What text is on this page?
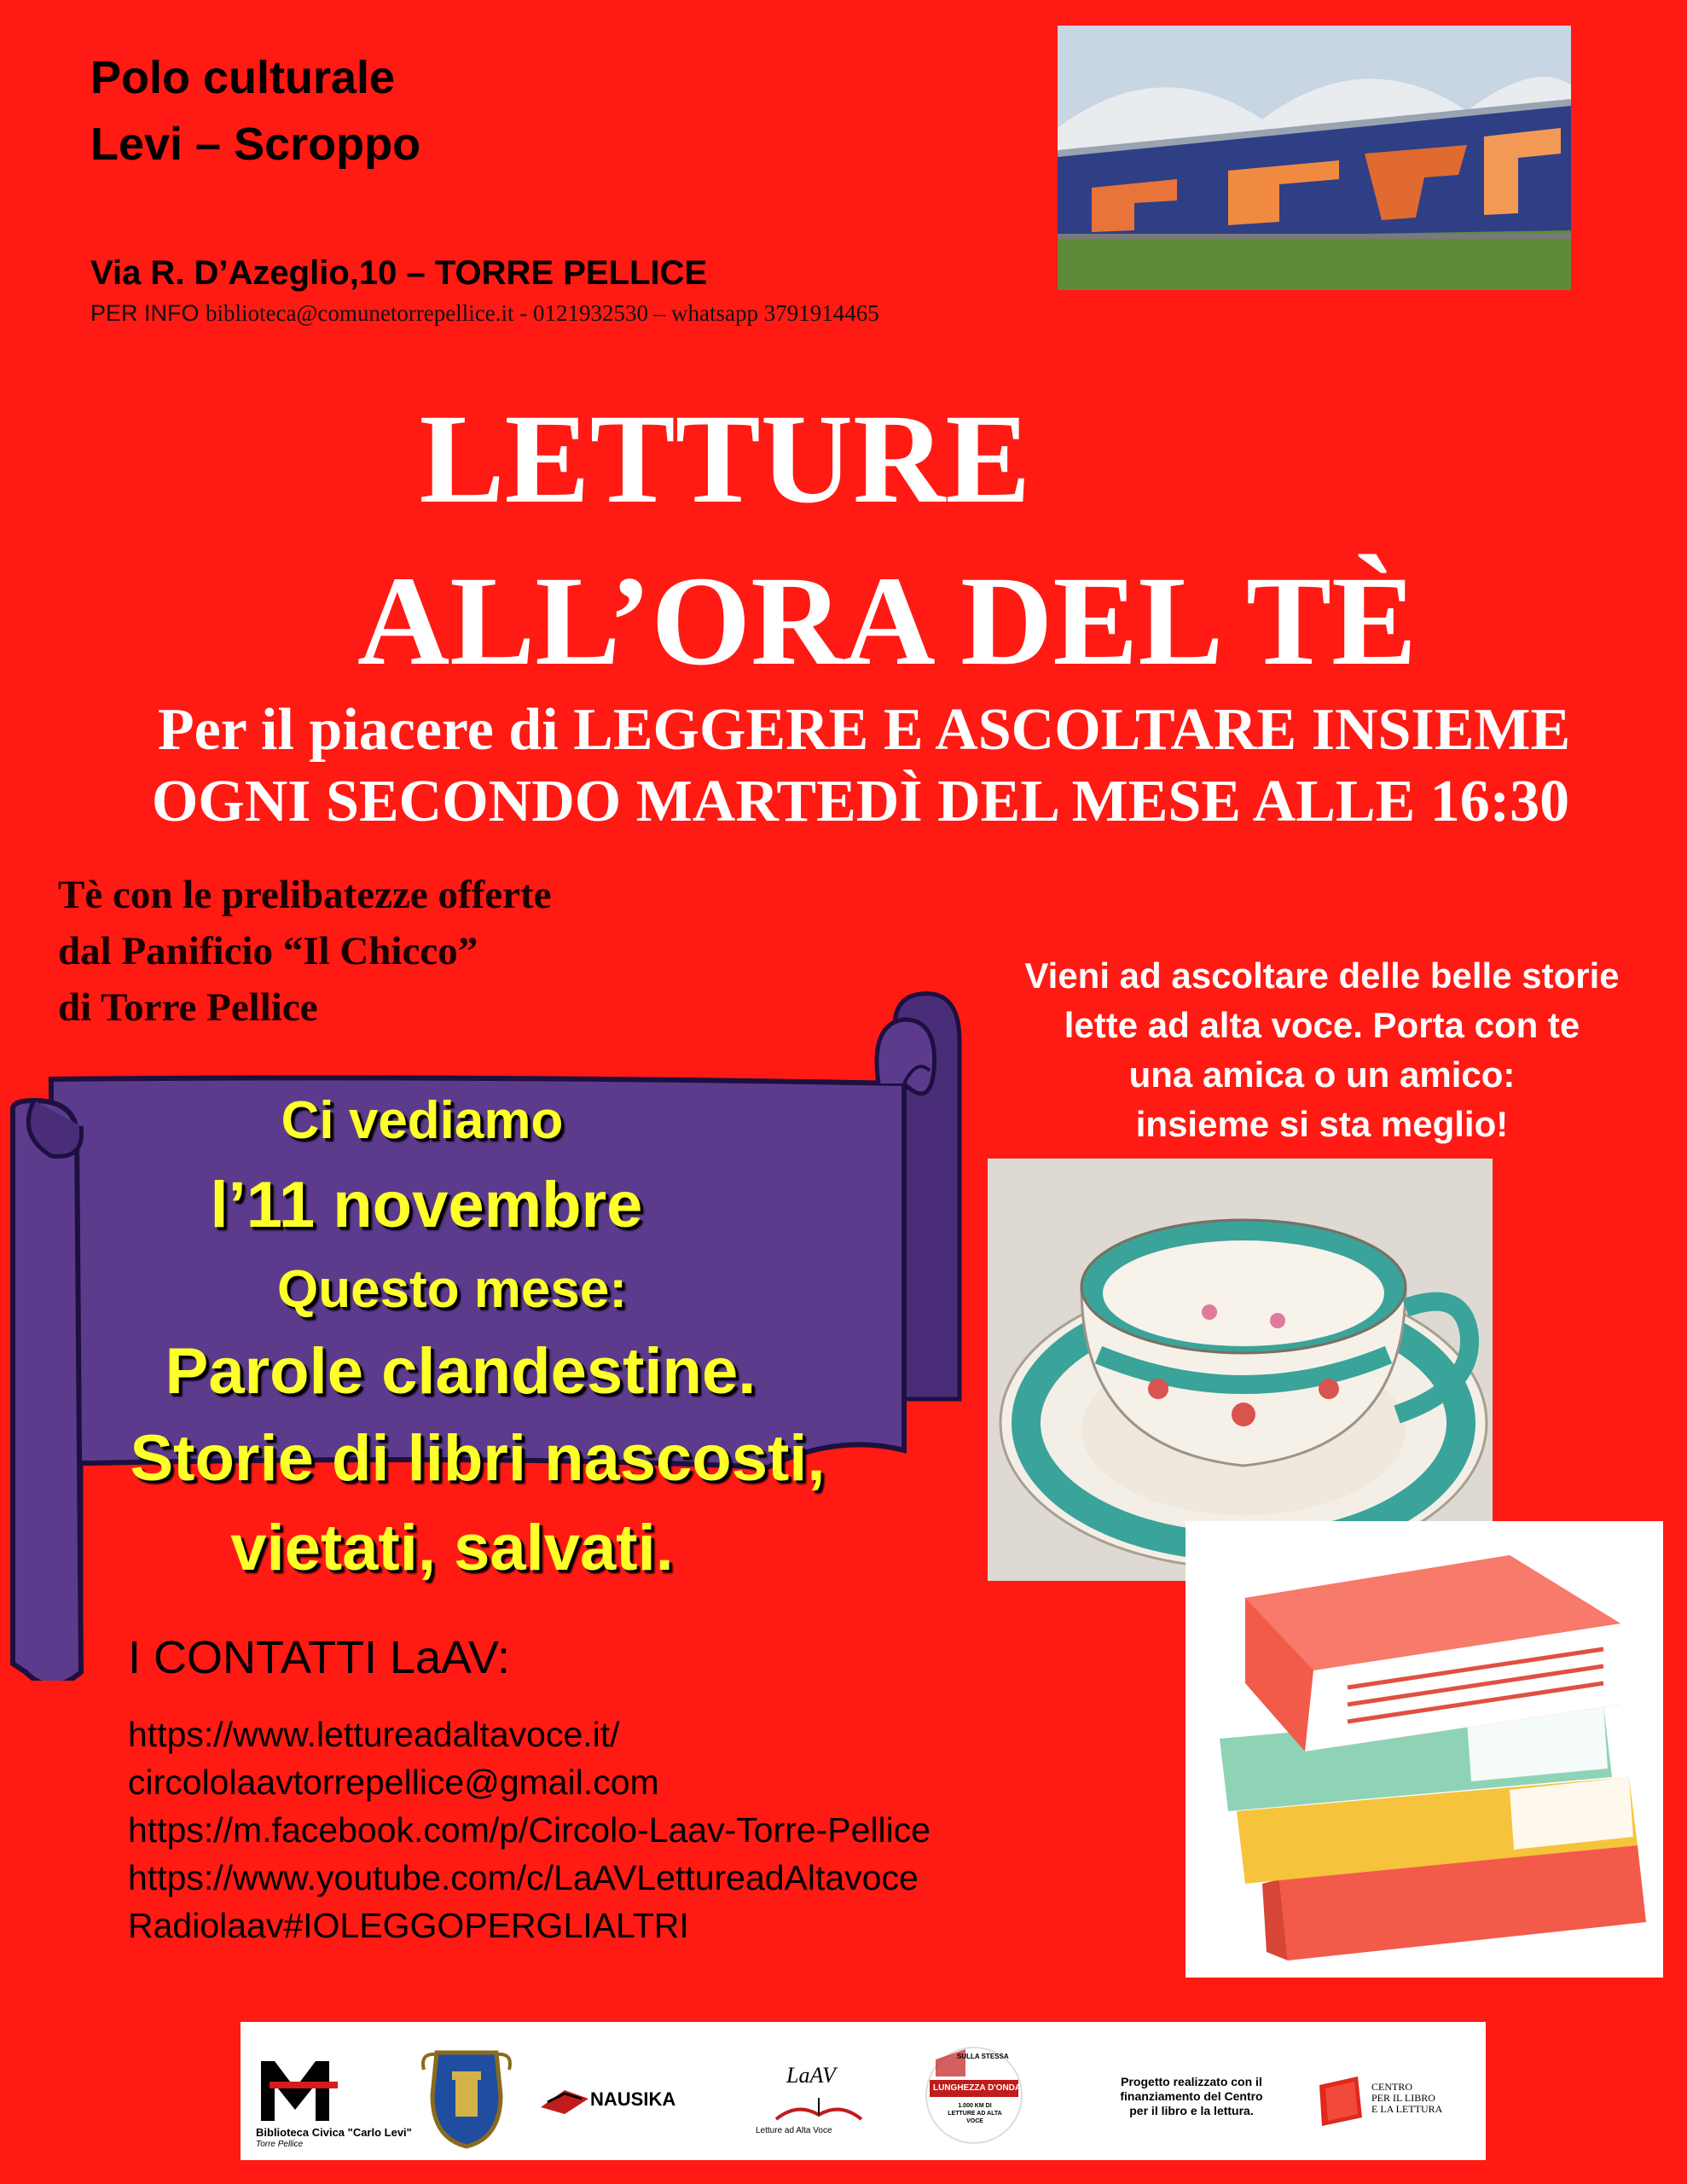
Polo culturale
Levi – Scroppo
Via R. D’Azeglio,10 – TORRE PELLICE
PER INFO biblioteca@comunetorrepellice.it - 0121932530 – whatsapp 3791914465
LETTURE
ALL’ORA DEL TÈ
Per il piacere di LEGGERE E ASCOLTARE INSIEME
OGNI SECONDO MARTEDÌ DEL MESE ALLE 16:30
Tè con le prelibatezze offerte
dal Panificio “Il Chicco”
di Torre Pellice
Vieni ad ascoltare delle belle storie
lette ad alta voce. Porta con te
una amica o un amico:
insieme si sta meglio!
Ci vediamo
l’11 novembre
Questo mese:
Parole clandestine.
Storie di libri nascosti,
vietati, salvati.
I CONTATTI LaAV:
https://www.lettureadaltavoce.it/
circololaavtorrepellice@gmail.com
https://m.facebook.com/p/Circolo-Laav-Torre-Pellice
https://www.youtube.com/c/LaAVLettureadAltavoce
Radiolaav#IOLEGGOPERGLIALTRI
Biblioteca Civica "Carlo Levi"
Torre Pellice
NAUSIKA
LaAV
Letture ad Alta Voce
SULLA STESSA
LUNGHEZZA D'ONDA
1.000 KM DI LETTURE AD ALTA VOCE
Progetto realizzato con il
finanziamento del Centro
per il libro e la lettura.
CENTRO
PER IL LIBRO
E LA LETTURA
